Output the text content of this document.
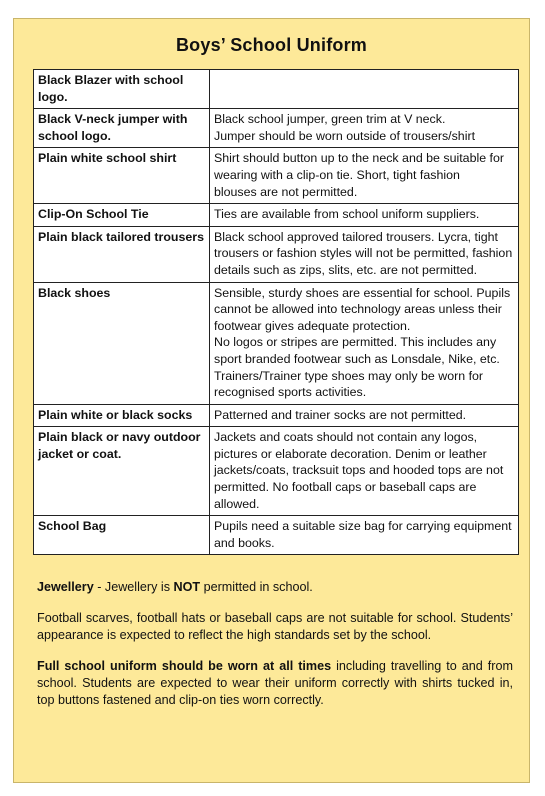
Boys’ School Uniform
Black Blazer with school logo.	
Black V-neck jumper with school logo.	Black school jumper, green trim at V neck.
Jumper should be worn outside of trousers/shirt
Plain white school shirt	Shirt should button up to the neck and be suitable for wearing with a clip-on tie. Short, tight fashion
blouses are not permitted.
Clip-On School Tie	Ties are available from school uniform suppliers.
Plain black tailored trousers	Black school approved tailored trousers. Lycra, tight trousers or fashion styles will not be permitted, fashion details such as zips, slits, etc. are not permitted.
Black shoes	Sensible, sturdy shoes are essential for school. Pupils cannot be allowed into technology areas unless their footwear gives adequate protection.
No logos or stripes are permitted. This includes any sport branded footwear such as Lonsdale, Nike, etc. Trainers/Trainer type shoes may only be worn for recognised sports activities.
Plain white or black socks	Patterned and trainer socks are not permitted.
Plain black or navy outdoor jacket or coat.	Jackets and coats should not contain any logos, pictures or elaborate decoration. Denim or leather jackets/coats, tracksuit tops and hooded tops are not permitted. No football caps or baseball caps are allowed.
School Bag	Pupils need a suitable size bag for carrying equipment and books.

Jewellery - Jewellery is NOT permitted in school.

Football scarves, football hats or baseball caps are not suitable for school. Students’ appearance is expected to reflect the high standards set by the school.

Full school uniform should be worn at all times including travelling to and from school. Students are expected to wear their uniform correctly with shirts tucked in, top buttons fastened and clip-on ties worn correctly.
